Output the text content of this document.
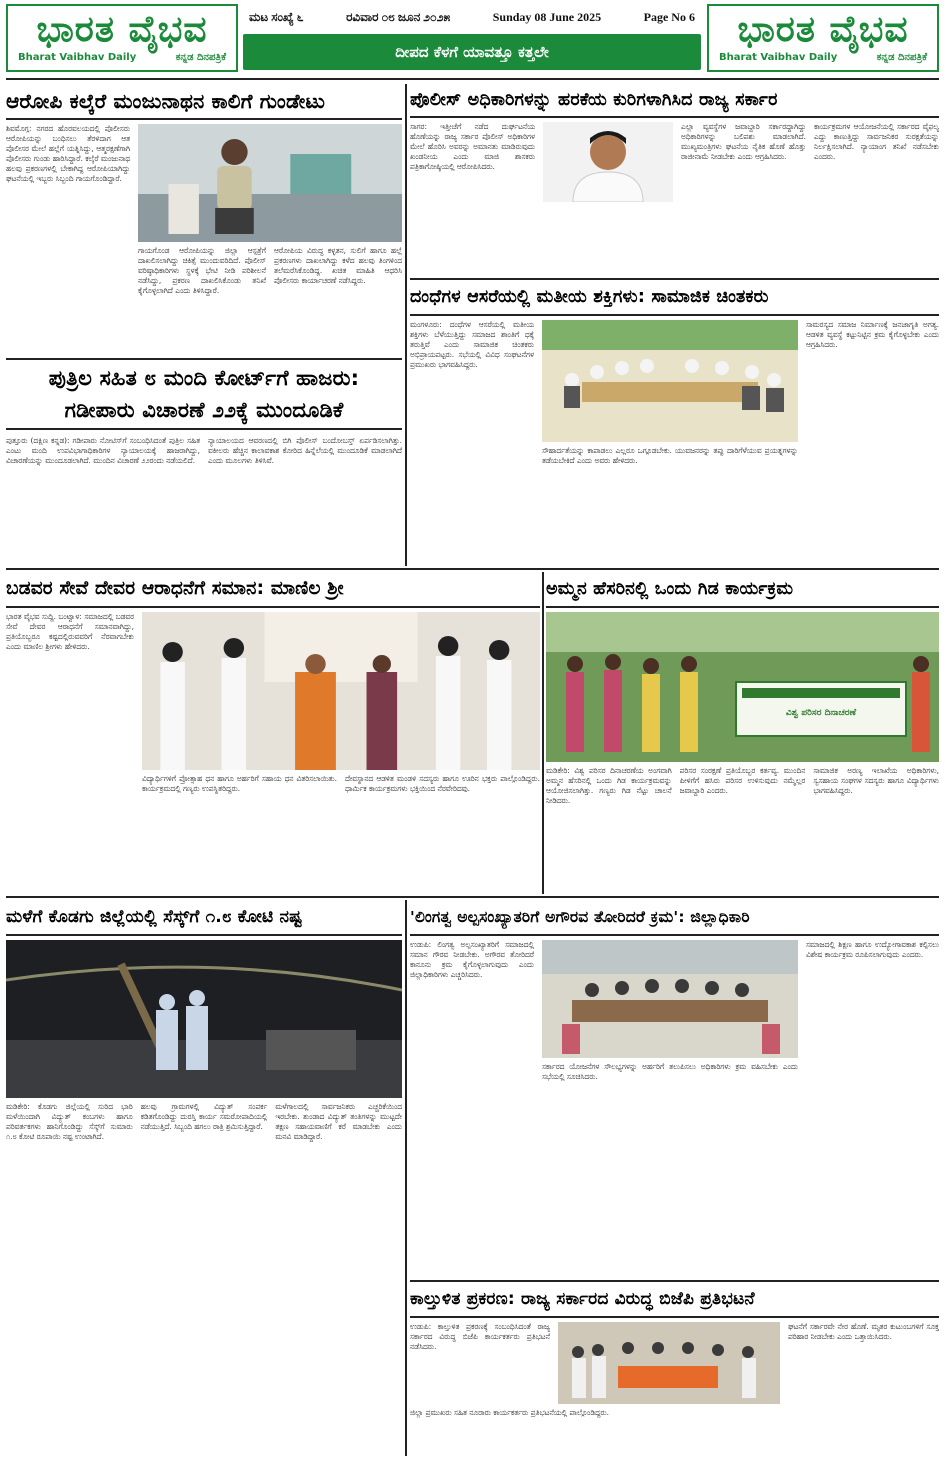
ಭಾರತ ವೈಭವ
Bharat Vaibhav Daily	ಕನ್ನಡ ದಿನಪತ್ರಿಕೆ
ಮಟ ಸಂಖ್ಯೆ ೬	ರವಿವಾರ ೦೮ ಜೂನ ೨೦೨೫	Sunday 08 June 2025	Page No 6
ದೀಪದ ಕೆಳಗೆ ಯಾವತ್ತೂ ಕತ್ತಲೇ
ಭಾರತ ವೈಭವ
Bharat Vaibhav Daily	ಕನ್ನಡ ದಿನಪತ್ರಿಕೆ
ಆರೋಪಿ ಕಲ್ಕೆರೆ ಮಂಜುನಾಥನ ಕಾಲಿಗೆ ಗುಂಡೇಟು
ಶಿವಮೊಗ್ಗ: ನಗರದ ಹೊರವಲಯದಲ್ಲಿ ಪೊಲೀಸರು ಆರೋಪಿಯನ್ನು ಬಂಧಿಸಲು ತೆರಳಿದಾಗ ಆತ ಪೊಲೀಸರ ಮೇಲೆ ಹಲ್ಲೆಗೆ ಯತ್ನಿಸಿದ್ದು, ಆತ್ಮರಕ್ಷಣೆಗಾಗಿ ಪೊಲೀಸರು ಗುಂಡು ಹಾರಿಸಿದ್ದಾರೆ. ಕಲ್ಕೆರೆ ಮಂಜುನಾಥ ಹಲವು ಪ್ರಕರಣಗಳಲ್ಲಿ ಬೇಕಾಗಿದ್ದ ಆರೋಪಿಯಾಗಿದ್ದು ಘಟನೆಯಲ್ಲಿ ಇಬ್ಬರು ಸಿಬ್ಬಂದಿ ಗಾಯಗೊಂಡಿದ್ದಾರೆ.
ಗಾಯಗೊಂಡ ಆರೋಪಿಯನ್ನು ಜಿಲ್ಲಾ ಆಸ್ಪತ್ರೆಗೆ ದಾಖಲಿಸಲಾಗಿದ್ದು ಚಿಕಿತ್ಸೆ ಮುಂದುವರಿದಿದೆ. ಪೊಲೀಸ್ ವರಿಷ್ಠಾಧಿಕಾರಿಗಳು ಸ್ಥಳಕ್ಕೆ ಭೇಟಿ ನೀಡಿ ಪರಿಶೀಲನೆ ನಡೆಸಿದ್ದು, ಪ್ರಕರಣ ದಾಖಲಿಸಿಕೊಂಡು ತನಿಖೆ ಕೈಗೊಳ್ಳಲಾಗಿದೆ ಎಂದು ತಿಳಿಸಿದ್ದಾರೆ.
ಆರೋಪಿಯ ವಿರುದ್ಧ ಕಳ್ಳತನ, ಸುಲಿಗೆ ಹಾಗೂ ಹಲ್ಲೆ ಪ್ರಕರಣಗಳು ದಾಖಲಾಗಿದ್ದು ಕಳೆದ ಹಲವು ತಿಂಗಳಿಂದ ತಲೆಮರೆಸಿಕೊಂಡಿದ್ದ. ಖಚಿತ ಮಾಹಿತಿ ಆಧರಿಸಿ ಪೊಲೀಸರು ಕಾರ್ಯಾಚರಣೆ ನಡೆಸಿದ್ದರು.
ಪುತ್ರಿಲ ಸಹಿತ ೮ ಮಂದಿ ಕೋರ್ಟ್‌ಗೆ ಹಾಜರು:
ಗಡೀಪಾರು ವಿಚಾರಣೆ ೨೨ಕ್ಕೆ ಮುಂದೂಡಿಕೆ
ಪುತ್ತೂರು (ದಕ್ಷಿಣ ಕನ್ನಡ): ಗಡೀಪಾರು ನೋಟಿಸ್‌ಗೆ ಸಂಬಂಧಿಸಿದಂತೆ ಪುತ್ರಿಲ ಸಹಿತ ಎಂಟು ಮಂದಿ ಉಪವಿಭಾಗಾಧಿಕಾರಿಗಳ ನ್ಯಾಯಾಲಯಕ್ಕೆ ಹಾಜರಾಗಿದ್ದು, ವಿಚಾರಣೆಯನ್ನು ಮುಂದೂಡಲಾಗಿದೆ. ಮುಂದಿನ ವಿಚಾರಣೆ ೨೨ರಂದು ನಡೆಯಲಿದೆ.
ನ್ಯಾಯಾಲಯದ ಆವರಣದಲ್ಲಿ ಬಿಗಿ ಪೊಲೀಸ್ ಬಂದೋಬಸ್ತ್ ಏರ್ಪಡಿಸಲಾಗಿತ್ತು. ವಕೀಲರು ಹೆಚ್ಚಿನ ಕಾಲಾವಕಾಶ ಕೋರಿದ ಹಿನ್ನೆಲೆಯಲ್ಲಿ ಮುಂದೂಡಿಕೆ ಮಾಡಲಾಗಿದೆ ಎಂದು ಮೂಲಗಳು ತಿಳಿಸಿವೆ.
ಪೊಲೀಸ್ ಅಧಿಕಾರಿಗಳನ್ನು ಹರಕೆಯ ಕುರಿಗಳಾಗಿಸಿದ ರಾಜ್ಯ ಸರ್ಕಾರ
ಸಾಗರ: ಇತ್ತೀಚೆಗೆ ನಡೆದ ದುರ್ಘಟನೆಯ ಹೊಣೆಯನ್ನು ರಾಜ್ಯ ಸರ್ಕಾರ ಪೊಲೀಸ್ ಅಧಿಕಾರಿಗಳ ಮೇಲೆ ಹೊರಿಸಿ ಅವರನ್ನು ಅಮಾನತು ಮಾಡಿರುವುದು ಖಂಡನೀಯ ಎಂದು ಮಾಜಿ ಶಾಸಕರು ಪತ್ರಿಕಾಗೋಷ್ಠಿಯಲ್ಲಿ ಆರೋಪಿಸಿದರು.
ಎಲ್ಲಾ ವ್ಯವಸ್ಥೆಗಳ ಜವಾಬ್ದಾರಿ ಸರ್ಕಾರದ್ದಾಗಿದ್ದು ಅಧಿಕಾರಿಗಳನ್ನು ಬಲಿಪಶು ಮಾಡಲಾಗಿದೆ. ಮುಖ್ಯಮಂತ್ರಿಗಳು ಘಟನೆಯ ನೈತಿಕ ಹೊಣೆ ಹೊತ್ತು ರಾಜೀನಾಮೆ ನೀಡಬೇಕು ಎಂದು ಆಗ್ರಹಿಸಿದರು.
ಕಾರ್ಯಕ್ರಮಗಳ ಆಯೋಜನೆಯಲ್ಲಿ ಸರ್ಕಾರದ ವೈಫಲ್ಯ ಎದ್ದು ಕಾಣುತ್ತಿದ್ದು ಸಾರ್ವಜನಿಕರ ಸುರಕ್ಷತೆಯನ್ನು ನಿರ್ಲಕ್ಷಿಸಲಾಗಿದೆ. ನ್ಯಾಯಾಂಗ ತನಿಖೆ ನಡೆಸಬೇಕು ಎಂದರು.
ದಂಧೆಗಳ ಆಸರೆಯಲ್ಲಿ ಮತೀಯ ಶಕ್ತಿಗಳು: ಸಾಮಾಜಿಕ ಚಿಂತಕರು
ಮಂಗಳೂರು: ದಂಧೆಗಳ ಆಸರೆಯಲ್ಲಿ ಮತೀಯ ಶಕ್ತಿಗಳು ಬೆಳೆಯುತ್ತಿದ್ದು ಸಮಾಜದ ಶಾಂತಿಗೆ ಧಕ್ಕೆ ತರುತ್ತಿವೆ ಎಂದು ಸಾಮಾಜಿಕ ಚಿಂತಕರು ಅಭಿಪ್ರಾಯಪಟ್ಟರು. ಸಭೆಯಲ್ಲಿ ವಿವಿಧ ಸಂಘಟನೆಗಳ ಪ್ರಮುಖರು ಭಾಗವಹಿಸಿದ್ದರು.
ಸೌಹಾರ್ದತೆಯನ್ನು ಕಾಪಾಡಲು ಎಲ್ಲರೂ ಒಗ್ಗೂಡಬೇಕು. ಯುವಜನರನ್ನು ತಪ್ಪು ದಾರಿಗೆಳೆಯುವ ಪ್ರಯತ್ನಗಳನ್ನು ತಡೆಯಬೇಕಿದೆ ಎಂದು ಅವರು ಹೇಳಿದರು.
ಸಾಮರಸ್ಯದ ಸಮಾಜ ನಿರ್ಮಾಣಕ್ಕೆ ಜನಜಾಗೃತಿ ಅಗತ್ಯ. ಆಡಳಿತ ವ್ಯವಸ್ಥೆ ಕಟ್ಟುನಿಟ್ಟಿನ ಕ್ರಮ ಕೈಗೊಳ್ಳಬೇಕು ಎಂದು ಆಗ್ರಹಿಸಿದರು.
ಬಡವರ ಸೇವೆ ದೇವರ ಆರಾಧನೆಗೆ ಸಮಾನ: ಮಾಣಿಲ ಶ್ರೀ
ಭಾರತ ವೈಭವ ಸುದ್ದಿ. ಬಂಟ್ವಾಳ: ಸಮಾಜದಲ್ಲಿ ಬಡವರ ಸೇವೆ ದೇವರ ಆರಾಧನೆಗೆ ಸಮಾನವಾಗಿದ್ದು, ಪ್ರತಿಯೊಬ್ಬರೂ ಕಷ್ಟದಲ್ಲಿರುವವರಿಗೆ ನೆರವಾಗಬೇಕು ಎಂದು ಮಾಣಿಲ ಶ್ರೀಗಳು ಹೇಳಿದರು.
ವಿದ್ಯಾರ್ಥಿಗಳಿಗೆ ಪ್ರೋತ್ಸಾಹ ಧನ ಹಾಗೂ ಅರ್ಹರಿಗೆ ಸಹಾಯ ಧನ ವಿತರಿಸಲಾಯಿತು. ಕಾರ್ಯಕ್ರಮದಲ್ಲಿ ಗಣ್ಯರು ಉಪಸ್ಥಿತರಿದ್ದರು.
ದೇವಸ್ಥಾನದ ಆಡಳಿತ ಮಂಡಳಿ ಸದಸ್ಯರು ಹಾಗೂ ಊರಿನ ಭಕ್ತರು ಪಾಲ್ಗೊಂಡಿದ್ದರು. ಧಾರ್ಮಿಕ ಕಾರ್ಯಕ್ರಮಗಳು ಭಕ್ತಿಯಿಂದ ನೆರವೇರಿದವು.
ಅಮ್ಮನ ಹೆಸರಿನಲ್ಲಿ ಒಂದು ಗಿಡ ಕಾರ್ಯಕ್ರಮ
ವಿಶ್ವ ಪರಿಸರ ದಿನಾಚರಣೆ
ಮಡಿಕೇರಿ: ವಿಶ್ವ ಪರಿಸರ ದಿನಾಚರಣೆಯ ಅಂಗವಾಗಿ ಅಮ್ಮನ ಹೆಸರಿನಲ್ಲಿ ಒಂದು ಗಿಡ ಕಾರ್ಯಕ್ರಮವನ್ನು ಆಯೋಜಿಸಲಾಗಿತ್ತು. ಗಣ್ಯರು ಗಿಡ ನೆಟ್ಟು ಚಾಲನೆ ನೀಡಿದರು.
ಪರಿಸರ ಸಂರಕ್ಷಣೆ ಪ್ರತಿಯೊಬ್ಬರ ಕರ್ತವ್ಯ. ಮುಂದಿನ ಪೀಳಿಗೆಗೆ ಹಸಿರು ಪರಿಸರ ಉಳಿಸುವುದು ನಮ್ಮೆಲ್ಲರ ಜವಾಬ್ದಾರಿ ಎಂದರು.
ಸಾಮಾಜಿಕ ಅರಣ್ಯ ಇಲಾಖೆಯ ಅಧಿಕಾರಿಗಳು, ಸ್ವಸಹಾಯ ಸಂಘಗಳ ಸದಸ್ಯರು ಹಾಗೂ ವಿದ್ಯಾರ್ಥಿಗಳು ಭಾಗವಹಿಸಿದ್ದರು.
ಮಳೆಗೆ ಕೊಡಗು ಜಿಲ್ಲೆಯಲ್ಲಿ ಸೆಸ್ಕ್‌ಗೆ ೧.೮ ಕೋಟಿ ನಷ್ಟ
ಮಡಿಕೇರಿ: ಕೊಡಗು ಜಿಲ್ಲೆಯಲ್ಲಿ ಸುರಿದ ಭಾರಿ ಮಳೆಯಿಂದಾಗಿ ವಿದ್ಯುತ್ ಕಂಬಗಳು ಹಾಗೂ ಪರಿವರ್ತಕಗಳು ಹಾನಿಗೊಂಡಿದ್ದು ಸೆಸ್ಕ್‌ಗೆ ಸುಮಾರು ೧.೮ ಕೋಟಿ ರೂಪಾಯಿ ನಷ್ಟ ಉಂಟಾಗಿದೆ.
ಹಲವು ಗ್ರಾಮಗಳಲ್ಲಿ ವಿದ್ಯುತ್ ಸಂಪರ್ಕ ಕಡಿತಗೊಂಡಿದ್ದು ದುರಸ್ತಿ ಕಾರ್ಯ ಸಮರೋಪಾದಿಯಲ್ಲಿ ನಡೆಯುತ್ತಿದೆ. ಸಿಬ್ಬಂದಿ ಹಗಲು ರಾತ್ರಿ ಶ್ರಮಿಸುತ್ತಿದ್ದಾರೆ.
ಮಳೆಗಾಲದಲ್ಲಿ ಸಾರ್ವಜನಿಕರು ಎಚ್ಚರಿಕೆಯಿಂದ ಇರಬೇಕು. ತುಂಡಾದ ವಿದ್ಯುತ್ ತಂತಿಗಳನ್ನು ಮುಟ್ಟದೇ ತಕ್ಷಣ ಸಹಾಯವಾಣಿಗೆ ಕರೆ ಮಾಡಬೇಕು ಎಂದು ಮನವಿ ಮಾಡಿದ್ದಾರೆ.
'ಲಿಂಗತ್ವ ಅಲ್ಪಸಂಖ್ಯಾತರಿಗೆ ಅಗೌರವ ತೋರಿದರೆ ಕ್ರಮ': ಜಿಲ್ಲಾಧಿಕಾರಿ
ಉಡುಪಿ: ಲಿಂಗತ್ವ ಅಲ್ಪಸಂಖ್ಯಾತರಿಗೆ ಸಮಾಜದಲ್ಲಿ ಸಮಾನ ಗೌರವ ನೀಡಬೇಕು. ಅಗೌರವ ತೋರಿದರೆ ಕಾನೂನು ಕ್ರಮ ಕೈಗೊಳ್ಳಲಾಗುವುದು ಎಂದು ಜಿಲ್ಲಾಧಿಕಾರಿಗಳು ಎಚ್ಚರಿಸಿದರು.
ಸರ್ಕಾರದ ಯೋಜನೆಗಳ ಸೌಲಭ್ಯಗಳನ್ನು ಅರ್ಹರಿಗೆ ತಲುಪಿಸಲು ಅಧಿಕಾರಿಗಳು ಕ್ರಮ ವಹಿಸಬೇಕು ಎಂದು ಸಭೆಯಲ್ಲಿ ಸೂಚಿಸಿದರು.
ಸಮಾಜದಲ್ಲಿ ಶಿಕ್ಷಣ ಹಾಗೂ ಉದ್ಯೋಗಾವಕಾಶ ಕಲ್ಪಿಸಲು ವಿಶೇಷ ಕಾರ್ಯಕ್ರಮ ರೂಪಿಸಲಾಗುವುದು ಎಂದರು.
ಕಾಲ್ತುಳಿತ ಪ್ರಕರಣ: ರಾಜ್ಯ ಸರ್ಕಾರದ ವಿರುದ್ಧ ಬಿಜೆಪಿ ಪ್ರತಿಭಟನೆ
ಉಡುಪಿ: ಕಾಲ್ತುಳಿತ ಪ್ರಕರಣಕ್ಕೆ ಸಂಬಂಧಿಸಿದಂತೆ ರಾಜ್ಯ ಸರ್ಕಾರದ ವಿರುದ್ಧ ಬಿಜೆಪಿ ಕಾರ್ಯಕರ್ತರು ಪ್ರತಿಭಟನೆ ನಡೆಸಿದರು.
ಘಟನೆಗೆ ಸರ್ಕಾರವೇ ನೇರ ಹೊಣೆ. ಮೃತರ ಕುಟುಂಬಗಳಿಗೆ ಸೂಕ್ತ ಪರಿಹಾರ ನೀಡಬೇಕು ಎಂದು ಒತ್ತಾಯಿಸಿದರು.
ಜಿಲ್ಲಾ ಪ್ರಮುಖರು ಸಹಿತ ನೂರಾರು ಕಾರ್ಯಕರ್ತರು ಪ್ರತಿಭಟನೆಯಲ್ಲಿ ಪಾಲ್ಗೊಂಡಿದ್ದರು.
